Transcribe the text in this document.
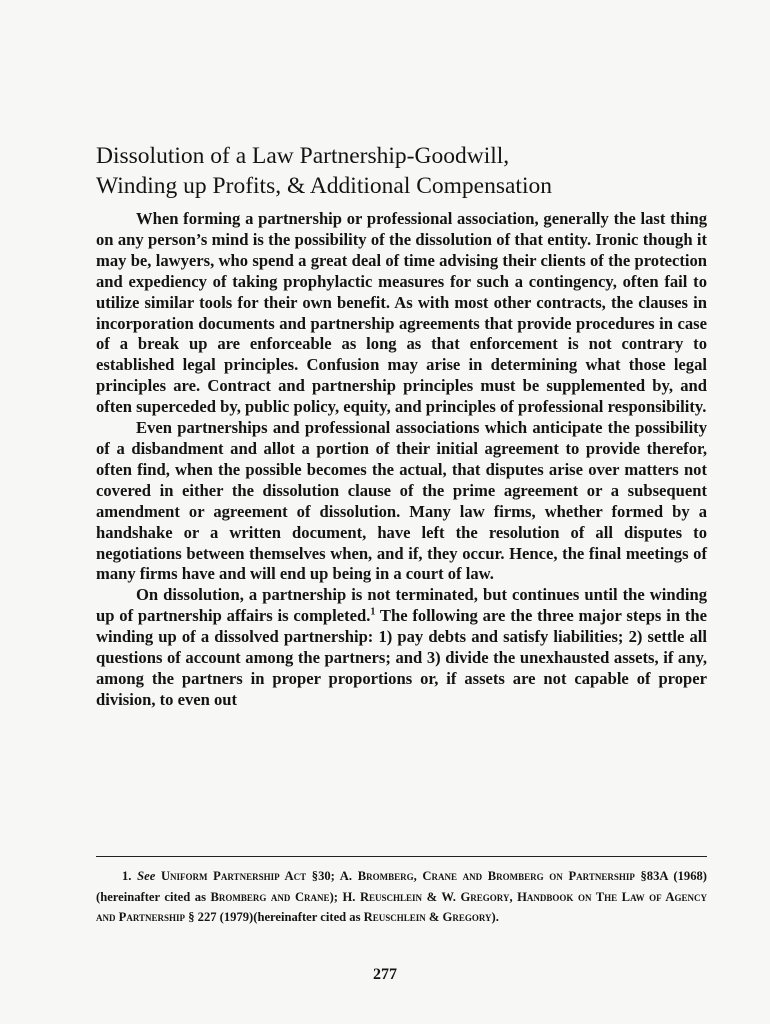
Dissolution of a Law Partnership-Goodwill,
Winding up Profits, & Additional Compensation

When forming a partnership or professional association, generally the last thing on any person’s mind is the possibility of the dissolution of that entity. Ironic though it may be, lawyers, who spend a great deal of time advising their clients of the protection and expediency of taking prophylactic measures for such a contingency, often fail to utilize similar tools for their own benefit. As with most other contracts, the clauses in incorporation documents and partnership agreements that provide procedures in case of a break up are enforceable as long as that enforcement is not contrary to established legal principles. Confusion may arise in determining what those legal principles are. Contract and partnership principles must be supplemented by, and often superceded by, public policy, equity, and principles of professional responsibility.

Even partnerships and professional associations which anticipate the possibility of a disbandment and allot a portion of their initial agreement to provide therefor, often find, when the possible becomes the actual, that disputes arise over matters not covered in either the dissolution clause of the prime agreement or a subsequent amendment or agreement of dissolution. Many law firms, whether formed by a handshake or a written document, have left the resolution of all disputes to negotiations between themselves when, and if, they occur. Hence, the final meetings of many firms have and will end up being in a court of law.

On dissolution, a partnership is not terminated, but continues until the winding up of partnership affairs is completed.$^1$ The following are the three major steps in the winding up of a dissolved partnership: 1) pay debts and satisfy liabilities; 2) settle all questions of account among the partners; and 3) divide the unexhausted assets, if any, among the partners in proper proportions or, if assets are not capable of proper division, to even out

1. See Uniform Partnership Act §30; A. Bromberg, Crane and Bromberg on Partnership §83A (1968)(hereinafter cited as Bromberg and Crane); H. Reuschlein & W. Gregory, Handbook on The Law of Agency and Partnership § 227 (1979)(hereinafter cited as Reuschlein & Gregory).

277
